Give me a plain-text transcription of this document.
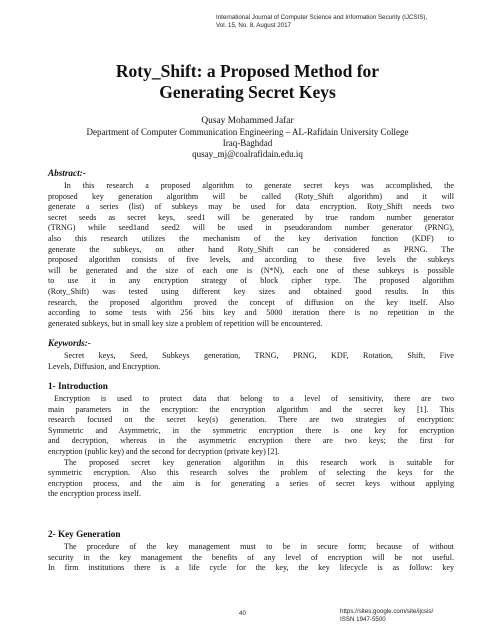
International Journal of Computer Science and Information Security (IJCSIS),
Vol. 15, No. 8, August 2017
Roty_Shift: a Proposed Method for
Generating Secret Keys
Qusay Mohammed Jafar
Department of Computer Communication Engineering – AL-Rafidain University College
Iraq-Baghdad
qusay_mj@coalrafidain.edu.iq
Abstract:-
In this research a proposed algorithm to generate secret keys was accomplished, the
proposed key generation algorithm will be called (Roty_Shift algorithm) and it will
generate a series (list) of subkeys may be used for data encryption. Roty_Shift needs two
secret seeds as secret keys, seed1 will be generated by true random number generator
(TRNG) while seed1and seed2 will be used in pseudorandom number generator (PRNG),
also this research utilizes the mechanism of the key derivation function (KDF) to
generate the subkeys, on other hand Roty_Shift can be considered as PRNG. The
proposed algorithm consists of five levels, and according to these five levels the subkeys
will be generated and the size of each one is (N*N), each one of these subkeys is possible
to use it in any encryption strategy of block cipher type. The proposed algorithm
(Roty_Shift) was tested using different key sizes and obtained good results. In this
research, the proposed algorithm proved the concept of diffusion on the key itself. Also
according to some tests with 256 bits key and 5000 iteration there is no repetition in the
generated subkeys, but in small key size a problem of repetition will be encountered.
Keywords:-
Secret keys, Seed, Subkeys generation, TRNG, PRNG, KDF, Rotation, Shift, Five
Levels, Diffusion, and Encryption.
1- Introduction
Encryption is used to protect data that belong to a level of sensitivity, there are two
main parameters in the encryption: the encryption algorithm and the secret key [1]. This
research focused on the secret key(s) generation. There are two strategies of encryption:
Symmetric and Asymmetric, in the symmetric encryption there is one key for encryption
and decryption, whereas in the asymmetric encryption there are two keys; the first for
encryption (public key) and the second for decryption (private key) [2].
The proposed secret key generation algorithm in this research work is suitable for
symmetric encryption. Also this research solves the problem of selecting the keys for the
encryption process, and the aim is for generating a series of secret keys without applying
the encryption process itself.
2- Key Generation
The procedure of the key management must to be in secure form; because of without
security in the key management the benefits of any level of encryption will be not useful.
In firm institutions there is a life cycle for the key, the key lifecycle is as follow: key
40	https://sites.google.com/site/ijcsis/
ISSN 1947-5500
